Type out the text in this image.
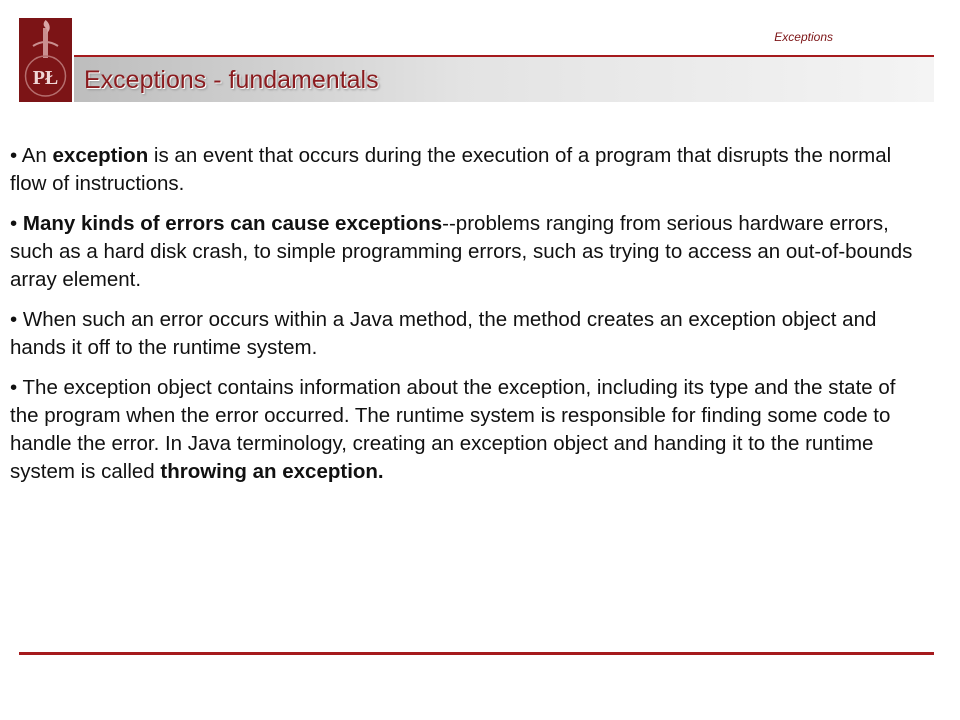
PŁ
Exceptions
Exceptions - fundamentals

• An exception is an event that occurs during the execution of a program that disrupts the normal flow of instructions.

• Many kinds of errors can cause exceptions--problems ranging from serious hardware errors, such as a hard disk crash, to simple programming errors, such as trying to access an out-of-bounds array element.

• When such an error occurs within a Java method, the method creates an exception object and hands it off to the runtime system.

• The exception object contains information about the exception, including its type and the state of the program when the error occurred. The runtime system is responsible for finding some code to handle the error. In Java terminology, creating an exception object and handing it to the runtime system is called throwing an exception.
